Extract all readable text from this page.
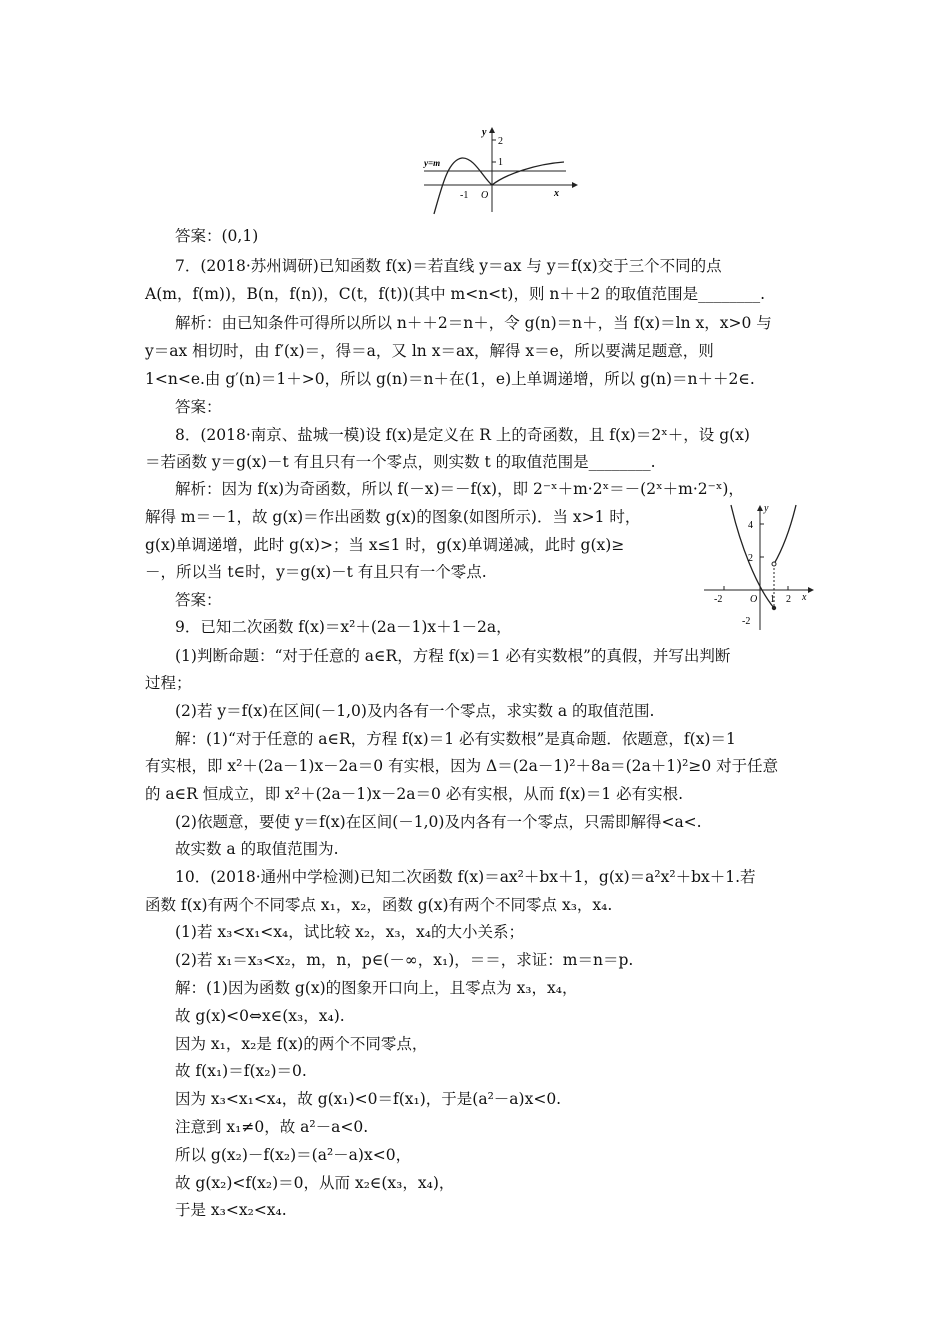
y
2
1
y=m
-1 O	x
y
4
2
-2
-2	O 1 2 x
答案：(0,1)
7．(2018·苏州调研)已知函数 f(x)＝若直线 y＝ax 与 y＝f(x)交于三个不同的点
A(m，f(m))，B(n，f(n))，C(t，f(t))(其中 m<n<t)，则 n＋＋2 的取值范围是________.
解析：由已知条件可得所以所以 n＋＋2＝n＋，令 g(n)＝n＋，当 f(x)＝ln x，x>0 与
y＝ax 相切时，由 f′(x)＝，得＝a，又 ln x＝ax，解得 x＝e，所以要满足题意，则
1<n<e.由 g′(n)＝1＋>0，所以 g(n)＝n＋在(1，e)上单调递增，所以 g(n)＝n＋＋2∈.
答案：
8．(2018·南京、盐城一模)设 f(x)是定义在 R 上的奇函数，且 f(x)＝2ˣ＋，设 g(x)
＝若函数 y＝g(x)－t 有且只有一个零点，则实数 t 的取值范围是________.
解析：因为 f(x)为奇函数，所以 f(－x)＝－f(x)，即 2⁻ˣ＋m·2ˣ＝－(2ˣ＋m·2⁻ˣ)，
解得 m＝－1，故 g(x)＝作出函数 g(x)的图象(如图所示)．当 x>1 时，
g(x)单调递增，此时 g(x)>；当 x≤1 时，g(x)单调递减，此时 g(x)≥
－，所以当 t∈时，y＝g(x)－t 有且只有一个零点.
答案：
9．已知二次函数 f(x)＝x²＋(2a－1)x＋1－2a，
(1)判断命题：“对于任意的 a∈R，方程 f(x)＝1 必有实数根”的真假，并写出判断
过程；
(2)若 y＝f(x)在区间(－1,0)及内各有一个零点，求实数 a 的取值范围.
解：(1)“对于任意的 a∈R，方程 f(x)＝1 必有实数根”是真命题．依题意，f(x)＝1
有实根，即 x²＋(2a－1)x－2a＝0 有实根，因为 Δ＝(2a－1)²＋8a＝(2a＋1)²≥0 对于任意
的 a∈R 恒成立，即 x²＋(2a－1)x－2a＝0 必有实根，从而 f(x)＝1 必有实根.
(2)依题意，要使 y＝f(x)在区间(－1,0)及内各有一个零点，只需即解得<a<.
故实数 a 的取值范围为.
10．(2018·通州中学检测)已知二次函数 f(x)＝ax²＋bx＋1，g(x)＝a²x²＋bx＋1.若
函数 f(x)有两个不同零点 x₁，x₂，函数 g(x)有两个不同零点 x₃，x₄.
(1)若 x₃<x₁<x₄，试比较 x₂，x₃，x₄的大小关系；
(2)若 x₁＝x₃<x₂，m，n，p∈(－∞，x₁)，＝＝，求证：m＝n＝p.
解：(1)因为函数 g(x)的图象开口向上，且零点为 x₃，x₄，
故 g(x)<0⇔x∈(x₃，x₄).
因为 x₁，x₂是 f(x)的两个不同零点，
故 f(x₁)＝f(x₂)＝0.
因为 x₃<x₁<x₄，故 g(x₁)<0＝f(x₁)，于是(a²－a)x<0.
注意到 x₁≠0，故 a²－a<0.
所以 g(x₂)－f(x₂)＝(a²－a)x<0，
故 g(x₂)<f(x₂)＝0，从而 x₂∈(x₃，x₄)，
于是 x₃<x₂<x₄.
